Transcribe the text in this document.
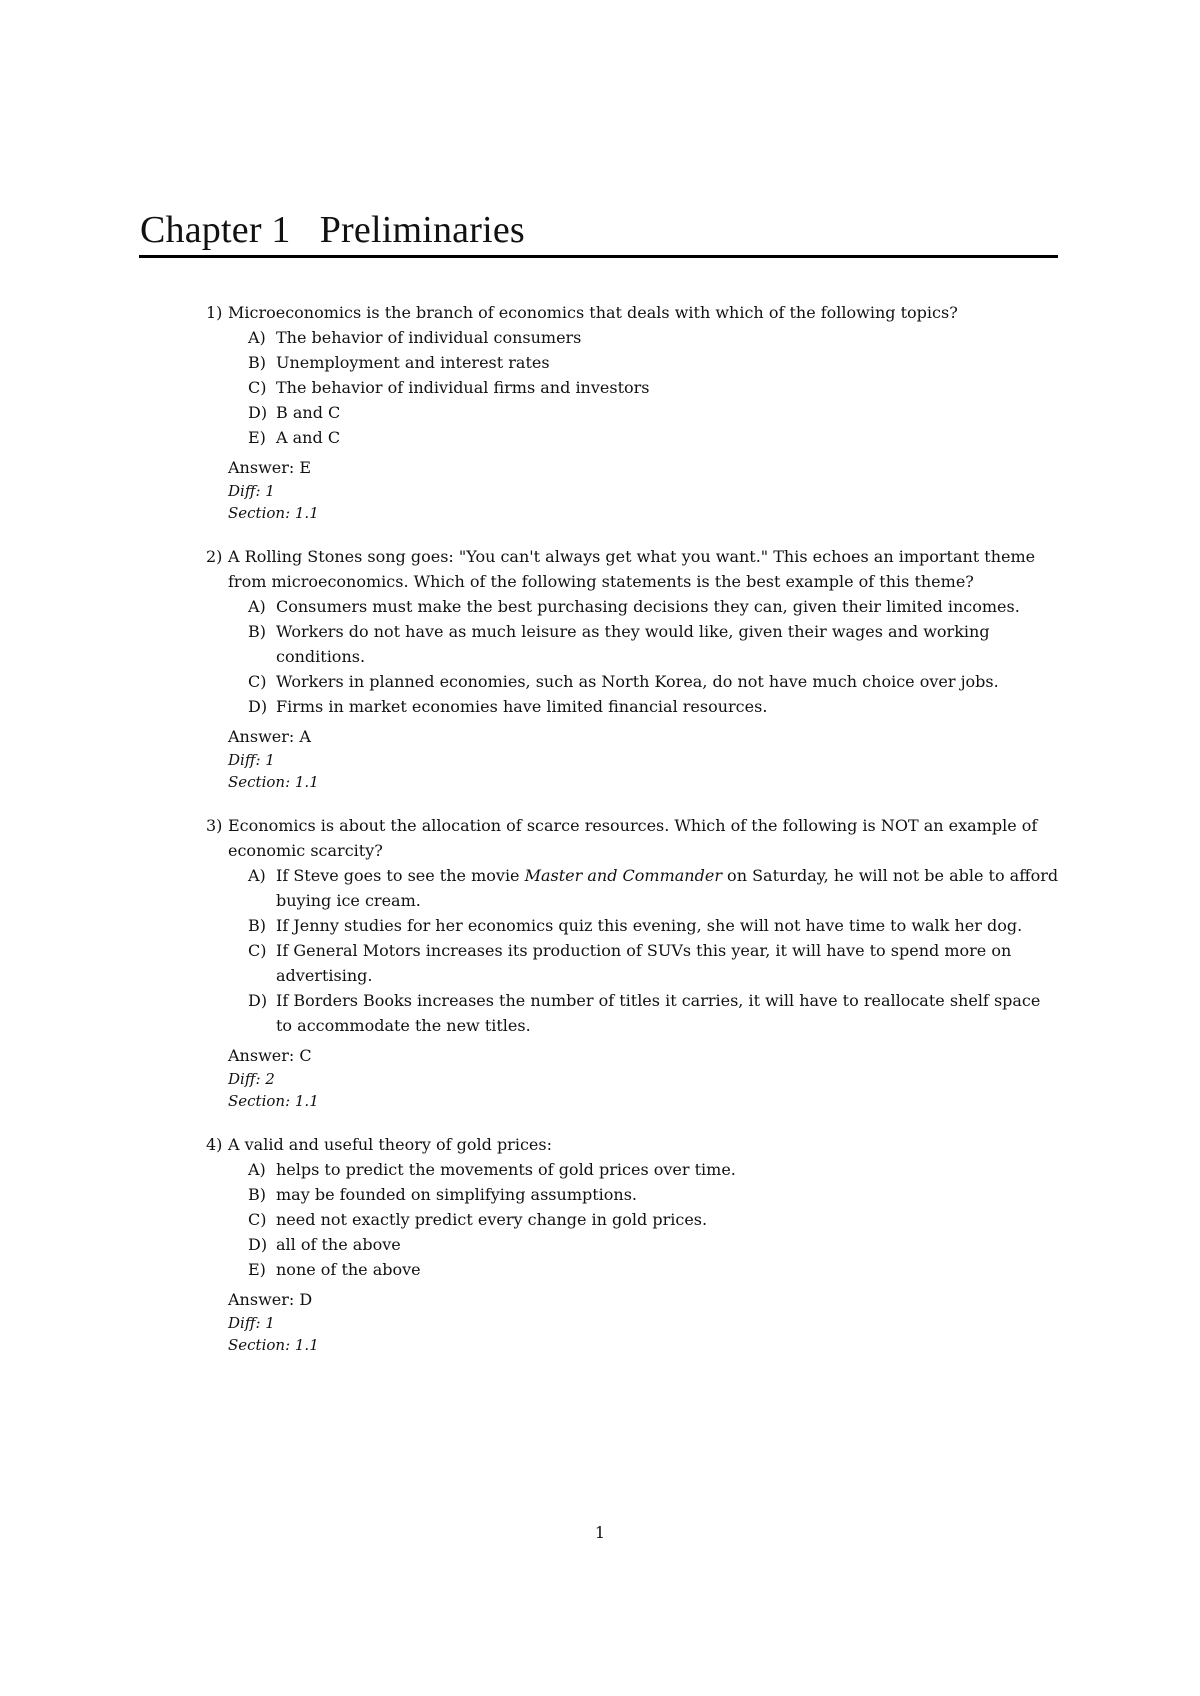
Chapter 1   Preliminaries
1) Microeconomics is the branch of economics that deals with which of the following topics?
A) The behavior of individual consumers
B) Unemployment and interest rates
C) The behavior of individual firms and investors
D) B and C
E) A and C
Answer: E
Diff: 1
Section: 1.1
2) A Rolling Stones song goes: "You can't always get what you want." This echoes an important theme from microeconomics. Which of the following statements is the best example of this theme?
A) Consumers must make the best purchasing decisions they can, given their limited incomes.
B) Workers do not have as much leisure as they would like, given their wages and working conditions.
C) Workers in planned economies, such as North Korea, do not have much choice over jobs.
D) Firms in market economies have limited financial resources.
Answer: A
Diff: 1
Section: 1.1
3) Economics is about the allocation of scarce resources. Which of the following is NOT an example of economic scarcity?
A) If Steve goes to see the movie Master and Commander on Saturday, he will not be able to afford buying ice cream.
B) If Jenny studies for her economics quiz this evening, she will not have time to walk her dog.
C) If General Motors increases its production of SUVs this year, it will have to spend more on advertising.
D) If Borders Books increases the number of titles it carries, it will have to reallocate shelf space to accommodate the new titles.
Answer: C
Diff: 2
Section: 1.1
4) A valid and useful theory of gold prices:
A) helps to predict the movements of gold prices over time.
B) may be founded on simplifying assumptions.
C) need not exactly predict every change in gold prices.
D) all of the above
E) none of the above
Answer: D
Diff: 1
Section: 1.1
1
